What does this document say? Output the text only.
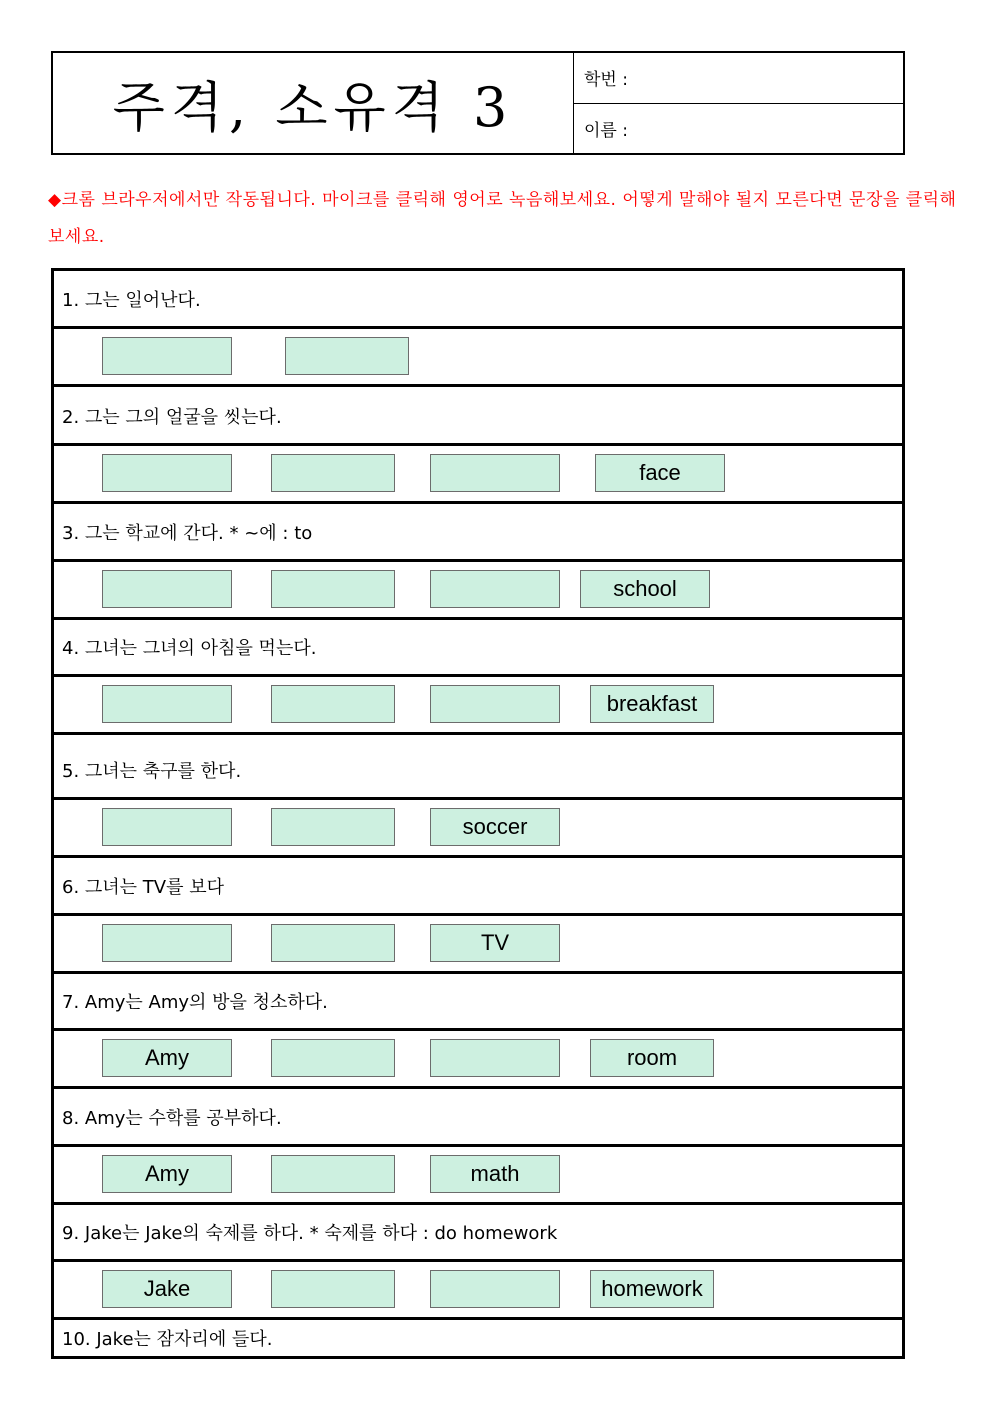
주격, 소유격 3	학번 :
이름 :
◆크롬 브라우저에서만 작동됩니다. 마이크를 클릭해 영어로 녹음해보세요. 어떻게 말해야 될지 모른다면 문장을 클릭해보세요.
1. 그는 일어난다.
2. 그는 그의 얼굴을 씻는다.
face
3. 그는 학교에 간다. * ~에 : to
school
4. 그녀는 그녀의 아침을 먹는다.
breakfast
5. 그녀는 축구를 한다.
soccer
6. 그녀는 TV를 보다
TV
7. Amy는 Amy의 방을 청소하다.
Amy	room
8. Amy는 수학를 공부하다.
Amy	math
9. Jake는 Jake의 숙제를 하다. * 숙제를 하다 : do homework
Jake	homework
10. Jake는 잠자리에 들다.
